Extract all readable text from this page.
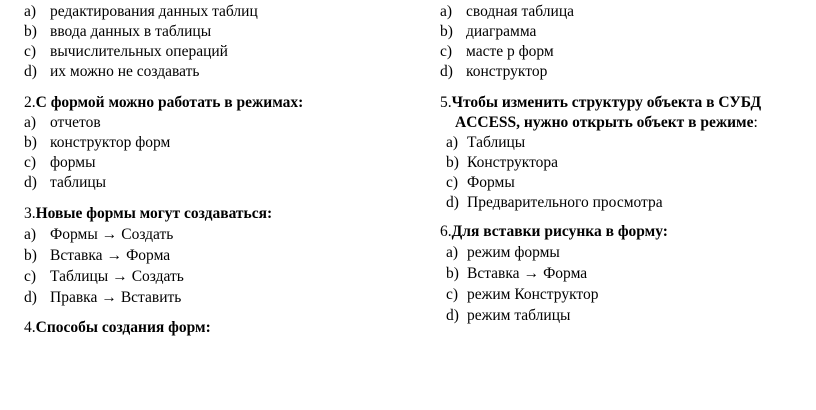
a) редактирования данных таблиц
b) ввода данных в таблицы
c) вычислительных операций
d) их можно не создавать
2.С формой можно работать в режимах:
a) отчетов
b) конструктор форм
c) формы
d) таблицы
3.Новые формы могут создаваться:
a) Формы → Создать
b) Вставка → Форма
c) Таблицы → Создать
d) Правка → Вставить
4.Способы создания форм:
a) сводная таблица
b) диаграмма
c) масте р форм
d) конструктор
5.Чтобы изменить структуру объекта в СУБД
ACCESS, нужно открыть объект в режиме:
a) Таблицы
b) Конструктора
c) Формы
d) Предварительного просмотра
6.Для вставки рисунка в форму:
a) режим формы
b) Вставка → Форма
c) режим Конструктор
d) режим таблицы
